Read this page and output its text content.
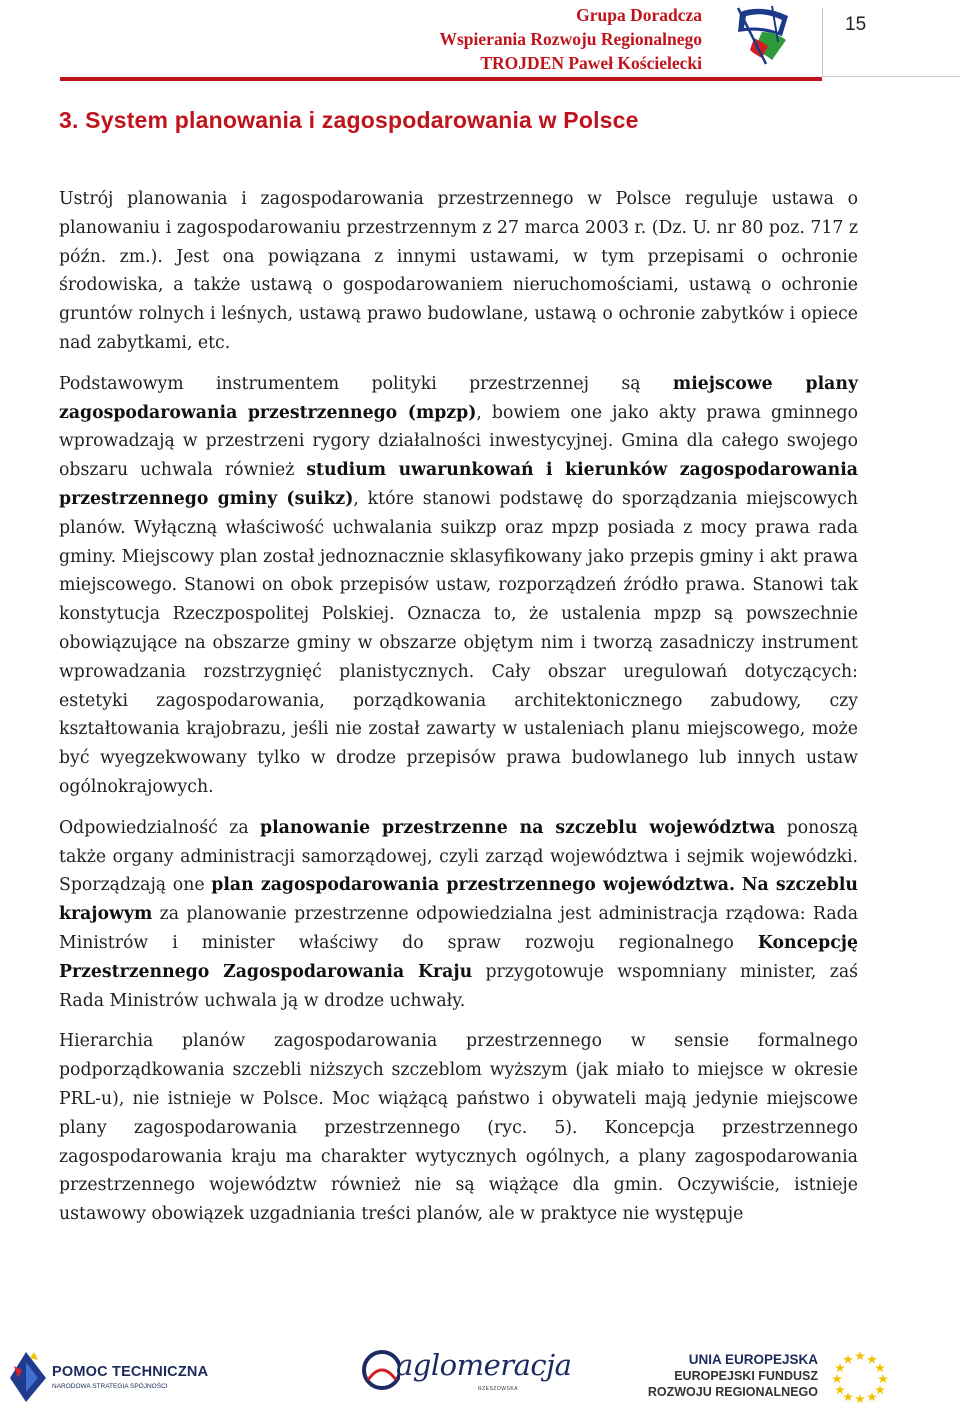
Grupa Doradcza
Wspierania Rozwoju Regionalnego
TROJDEN Paweł Kościelecki
15
3. System planowania i zagospodarowania w Polsce

Ustrój planowania i zagospodarowania przestrzennego w Polsce reguluje ustawa o planowaniu i zagospodarowaniu przestrzennym z 27 marca 2003 r. (Dz. U. nr 80 poz. 717 z późn. zm.). Jest ona powiązana z innymi ustawami, w tym przepisami o ochronie środowiska, a także ustawą o gospodarowaniem nieruchomościami, ustawą o ochronie gruntów rolnych i leśnych, ustawą prawo budowlane, ustawą o ochronie zabytków i opiece nad zabytkami, etc.

Podstawowym instrumentem polityki przestrzennej są miejscowe plany zagospodarowania przestrzennego (mpzp), bowiem one jako akty prawa gminnego wprowadzają w przestrzeni rygory działalności inwestycyjnej. Gmina dla całego swojego obszaru uchwala również studium uwarunkowań i kierunków zagospodarowania przestrzennego gminy (suikz), które stanowi podstawę do sporządzania miejscowych planów. Wyłączną właściwość uchwalania suikzp oraz mpzp posiada z mocy prawa rada gminy. Miejscowy plan został jednoznacznie sklasyfikowany jako przepis gminy i akt prawa miejscowego. Stanowi on obok przepisów ustaw, rozporządzeń źródło prawa. Stanowi tak konstytucja Rzeczpospolitej Polskiej. Oznacza to, że ustalenia mpzp są powszechnie obowiązujące na obszarze gminy w obszarze objętym nim i tworzą zasadniczy instrument wprowadzania rozstrzygnięć planistycznych. Cały obszar uregulowań dotyczących: estetyki zagospodarowania, porządkowania architektonicznego zabudowy, czy kształtowania krajobrazu, jeśli nie został zawarty w ustaleniach planu miejscowego, może być wyegzekwowany tylko w drodze przepisów prawa budowlanego lub innych ustaw ogólnokrajowych.

Odpowiedzialność za planowanie przestrzenne na szczeblu województwa ponoszą także organy administracji samorządowej, czyli zarząd województwa i sejmik wojewódzki. Sporządzają one plan zagospodarowania przestrzennego województwa. Na szczeblu krajowym za planowanie przestrzenne odpowiedzialna jest administracja rządowa: Rada Ministrów i minister właściwy do spraw rozwoju regionalnego Koncepcję Przestrzennego Zagospodarowania Kraju przygotowuje wspomniany minister, zaś Rada Ministrów uchwala ją w drodze uchwały.

Hierarchia planów zagospodarowania przestrzennego w sensie formalnego podporządkowania szczebli niższych szczeblom wyższym (jak miało to miejsce w okresie PRL-u), nie istnieje w Polsce. Moc wiążącą państwo i obywateli mają jedynie miejscowe plany zagospodarowania przestrzennego (ryc. 5). Koncepcja przestrzennego zagospodarowania kraju ma charakter wytycznych ogólnych, a plany zagospodarowania przestrzennego województw również nie są wiążące dla gmin. Oczywiście, istnieje ustawowy obowiązek uzgadniania treści planów, ale w praktyce nie występuje

POMOC TECHNICZNA
NARODOWA STRATEGIA SPÓJNOŚCI
aglomeracja
RZESZOWSKA
UNIA EUROPEJSKA
EUROPEJSKI FUNDUSZ
ROZWOJU REGIONALNEGO
